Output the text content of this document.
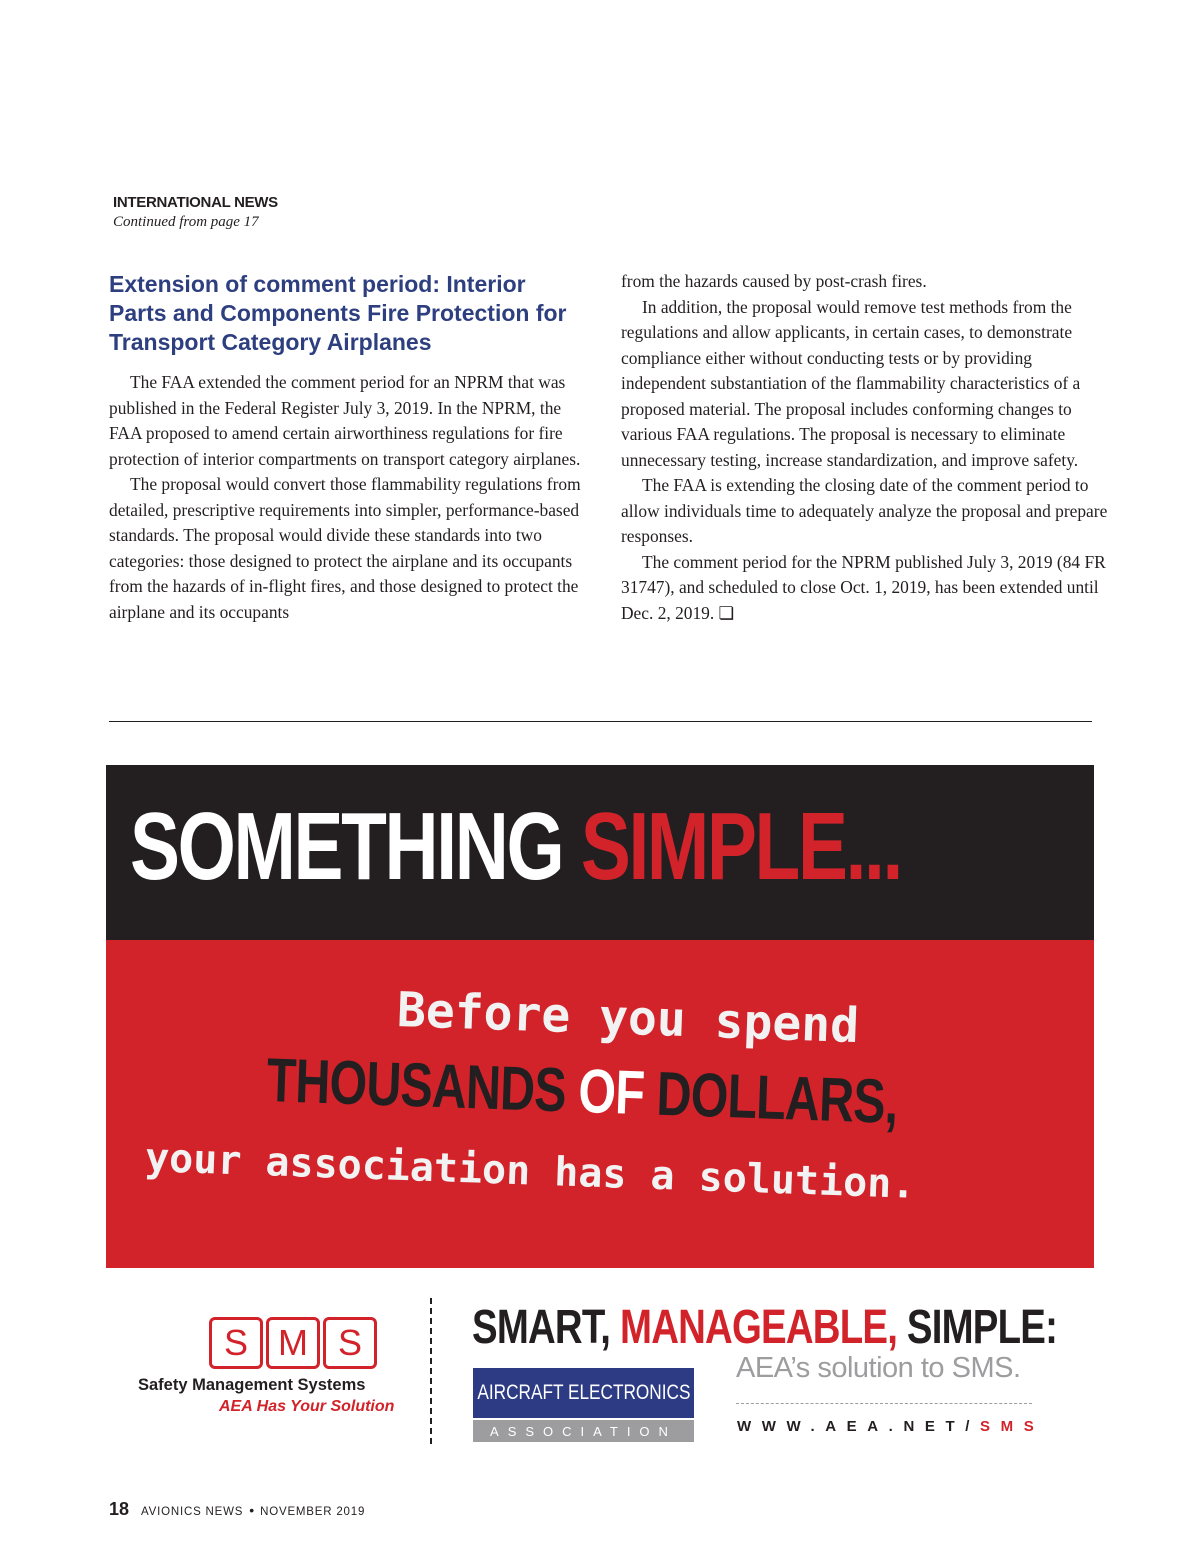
INTERNATIONAL NEWS
Continued from page 17
Extension of comment period: Interior Parts and Components Fire Protection for Transport Category Airplanes

The FAA extended the comment period for an NPRM that was published in the Federal Register July 3, 2019. In the NPRM, the FAA proposed to amend certain airworthiness regulations for fire protection of interior compartments on transport category airplanes.

The proposal would convert those flammability regulations from detailed, prescriptive requirements into simpler, performance-based standards. The proposal would divide these standards into two categories: those designed to protect the airplane and its occupants from the hazards of in-flight fires, and those designed to protect the airplane and its occupants

from the hazards caused by post-crash fires.

In addition, the proposal would remove test methods from the regulations and allow applicants, in certain cases, to demonstrate compliance either without conducting tests or by providing independent substantiation of the flammability characteristics of a proposed material. The proposal includes conforming changes to various FAA regulations. The proposal is necessary to eliminate unnecessary testing, increase standardization, and improve safety.

The FAA is extending the closing date of the comment period to allow individuals time to adequately analyze the proposal and prepare responses.

The comment period for the NPRM published July 3, 2019 (84 FR 31747), and scheduled to close Oct. 1, 2019, has been extended until Dec. 2, 2019. ❏

SOMETHING SIMPLE...
Before you spend
THOUSANDS OF DOLLARS,
your association has a solution.
S M S
Safety Management Systems
AEA Has Your Solution
SMART, MANAGEABLE, SIMPLE:
AIRCRAFT ELECTRONICS
ASSOCIATION
AEA’s solution to SMS.
WWW.AEA.NET/SMS
18 AVIONICS NEWS • NOVEMBER 2019
